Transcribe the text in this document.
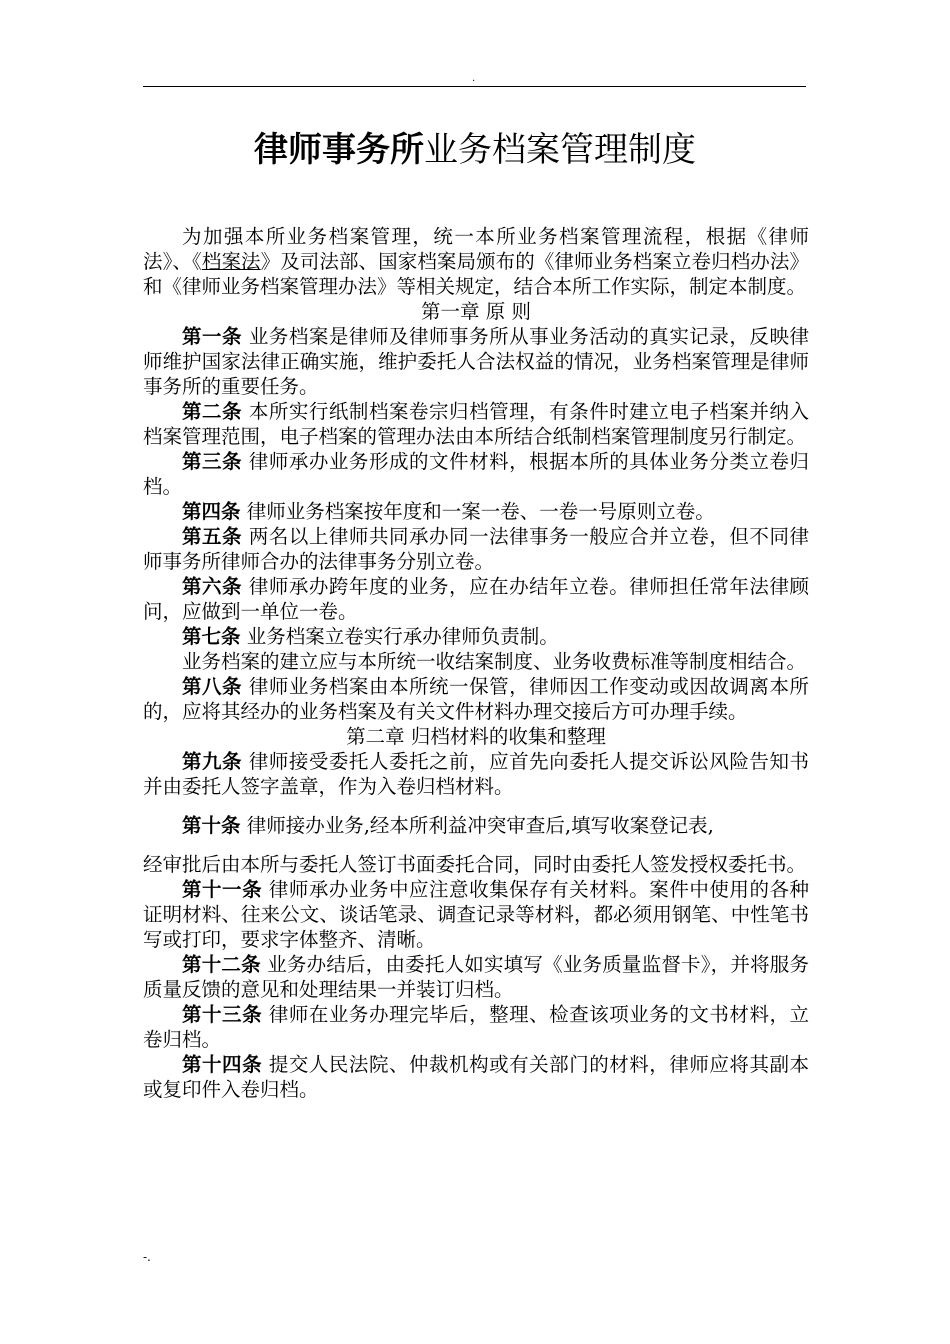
.
律师事务所业务档案管理制度

为加强本所业务档案管理，统一本所业务档案管理流程，根据《律师法》、《档案法》及司法部、国家档案局颁布的《律师业务档案立卷归档办法》和《律师业务档案管理办法》等相关规定，结合本所工作实际，制定本制度。

第一章 原 则

第一条 业务档案是律师及律师事务所从事业务活动的真实记录，反映律师维护国家法律正确实施，维护委托人合法权益的情况，业务档案管理是律师事务所的重要任务。

第二条 本所实行纸制档案卷宗归档管理，有条件时建立电子档案并纳入档案管理范围，电子档案的管理办法由本所结合纸制档案管理制度另行制定。

第三条 律师承办业务形成的文件材料，根据本所的具体业务分类立卷归档。

第四条 律师业务档案按年度和一案一卷、一卷一号原则立卷。

第五条 两名以上律师共同承办同一法律事务一般应合并立卷，但不同律师事务所律师合办的法律事务分别立卷。

第六条 律师承办跨年度的业务，应在办结年立卷。律师担任常年法律顾问，应做到一单位一卷。

第七条 业务档案立卷实行承办律师负责制。

业务档案的建立应与本所统一收结案制度、业务收费标准等制度相结合。

第八条 律师业务档案由本所统一保管，律师因工作变动或因故调离本所的，应将其经办的业务档案及有关文件材料办理交接后方可办理手续。

第二章 归档材料的收集和整理

第九条 律师接受委托人委托之前，应首先向委托人提交诉讼风险告知书并由委托人签字盖章，作为入卷归档材料。

第十条 律师接办业务,经本所利益冲突审查后,填写收案登记表,

经审批后由本所与委托人签订书面委托合同，同时由委托人签发授权委托书。

第十一条 律师承办业务中应注意收集保存有关材料。案件中使用的各种证明材料、往来公文、谈话笔录、调查记录等材料，都必须用钢笔、中性笔书写或打印，要求字体整齐、清晰。

第十二条 业务办结后，由委托人如实填写《业务质量监督卡》，并将服务质量反馈的意见和处理结果一并装订归档。

第十三条 律师在业务办理完毕后，整理、检查该项业务的文书材料，立卷归档。

第十四条 提交人民法院、仲裁机构或有关部门的材料，律师应将其副本或复印件入卷归档。

-.
